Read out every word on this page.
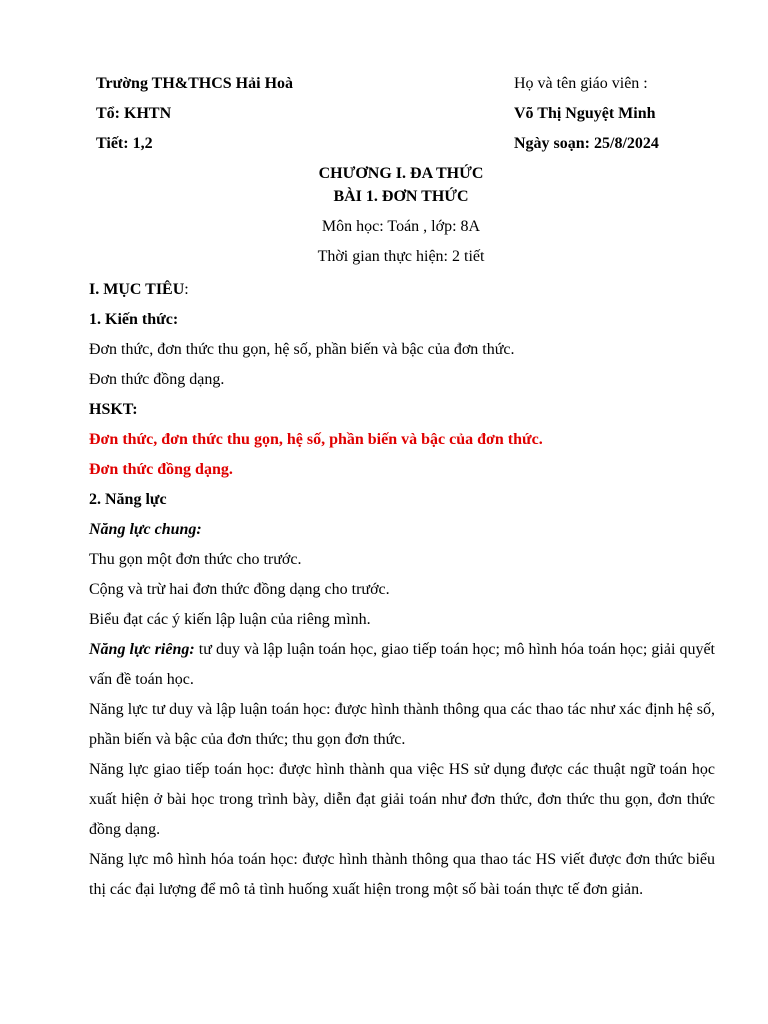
Trường TH&THCS Hải Hoà	Họ và tên giáo viên :
Tổ: KHTN	Võ Thị Nguyệt Minh
Tiết: 1,2	Ngày soạn: 25/8/2024
CHƯƠNG I. ĐA THỨC
BÀI 1. ĐƠN THỨC
Môn học: Toán , lớp: 8A
Thời gian thực hiện: 2 tiết

I. MỤC TIÊU:

1. Kiến thức:

Đơn thức, đơn thức thu gọn, hệ số, phần biến và bậc của đơn thức.

Đơn thức đồng dạng.

HSKT:

Đơn thức, đơn thức thu gọn, hệ số, phần biến và bậc của đơn thức.

Đơn thức đồng dạng.

2. Năng lực

Năng lực chung:

Thu gọn một đơn thức cho trước.

Cộng và trừ hai đơn thức đồng dạng cho trước.

Biểu đạt các ý kiến lập luận của riêng mình.

Năng lực riêng: tư duy và lập luận toán học, giao tiếp toán học; mô hình hóa toán học; giải quyết vấn đề toán học.

Năng lực tư duy và lập luận toán học: được hình thành thông qua các thao tác như xác định hệ số, phần biến và bậc của đơn thức; thu gọn đơn thức.

Năng lực giao tiếp toán học: được hình thành qua việc HS sử dụng được các thuật ngữ toán học xuất hiện ở bài học trong trình bày, diễn đạt giải toán như đơn thức, đơn thức thu gọn, đơn thức đồng dạng.

Năng lực mô hình hóa toán học: được hình thành thông qua thao tác HS viết được đơn thức biểu thị các đại lượng để mô tả tình huống xuất hiện trong một số bài toán thực tế đơn giản.
